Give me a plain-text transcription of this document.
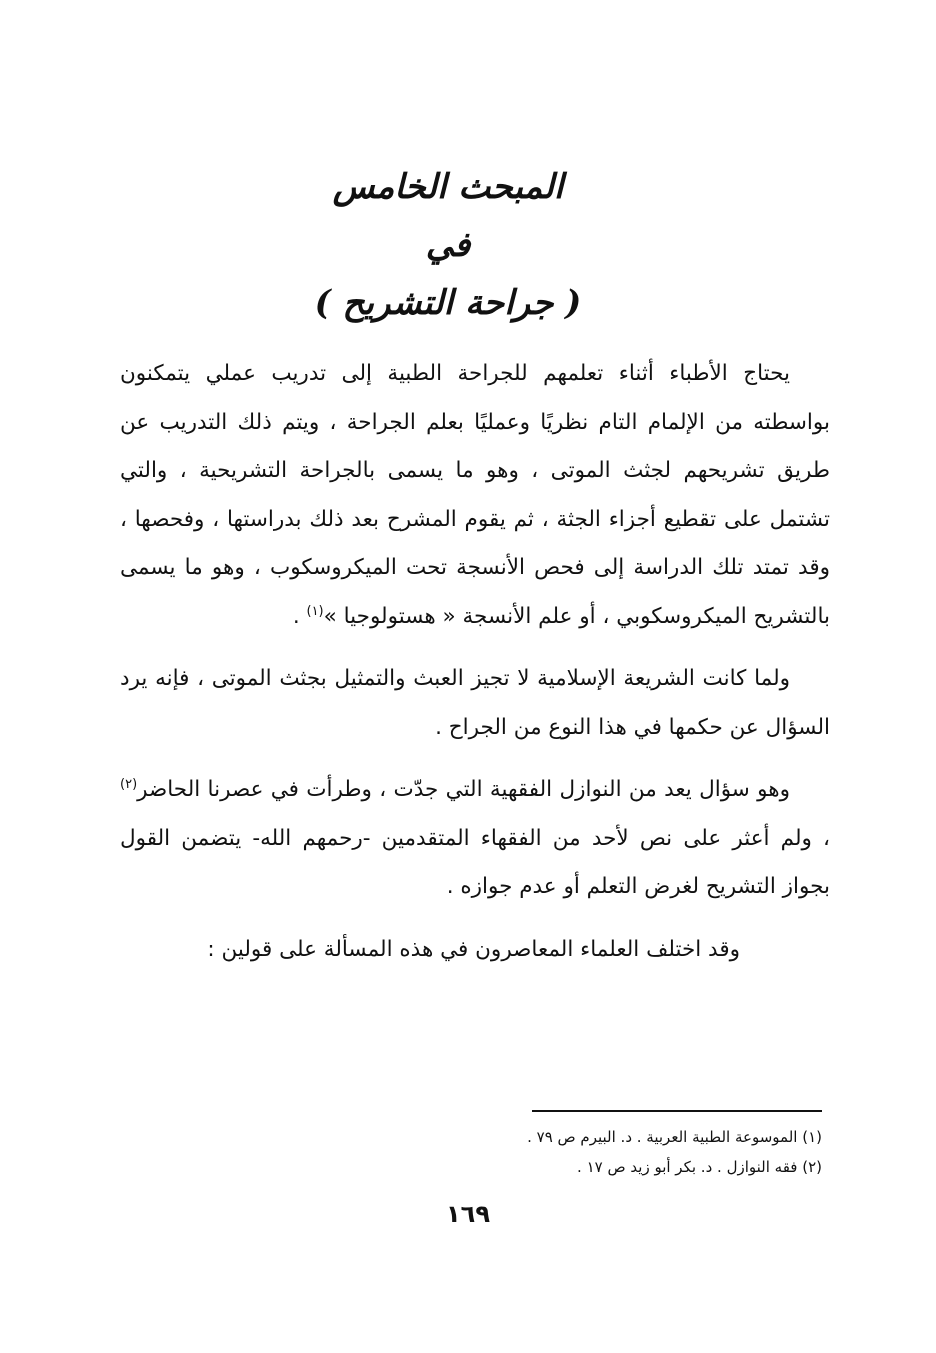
المبحث الخامس
في
( جراحة التشريح )

يحتاج الأطباء أثناء تعلمهم للجراحة الطبية إلى تدريب عملي يتمكنون بواسطته من الإلمام التام نظريًا وعمليًا بعلم الجراحة ، ويتم ذلك التدريب عن طريق تشريحهم لجثث الموتى ، وهو ما يسمى بالجراحة التشريحية ، والتي تشتمل على تقطيع أجزاء الجثة ، ثم يقوم المشرح بعد ذلك بدراستها ، وفحصها ، وقد تمتد تلك الدراسة إلى فحص الأنسجة تحت الميكروسكوب ، وهو ما يسمى بالتشريح الميكروسكوبي ، أو علم الأنسجة « هستولوجيا »$^{(١)}$ .

ولما كانت الشريعة الإسلامية لا تجيز العبث والتمثيل بجثث الموتى ، فإنه يرد السؤال عن حكمها في هذا النوع من الجراح .

وهو سؤال يعد من النوازل الفقهية التي جدّت ، وطرأت في عصرنا الحاضر$^{(٢)}$ ، ولم أعثر على نص لأحد من الفقهاء المتقدمين -رحمهم الله- يتضمن القول بجواز التشريح لغرض التعلم أو عدم جوازه .

وقد اختلف العلماء المعاصرون في هذه المسألة على قولين :

(١) الموسوعة الطبية العربية . د. البيرم ص ٧٩ .
(٢) فقه النوازل . د. بكر أبو زيد ص ١٧ .
١٦٩
